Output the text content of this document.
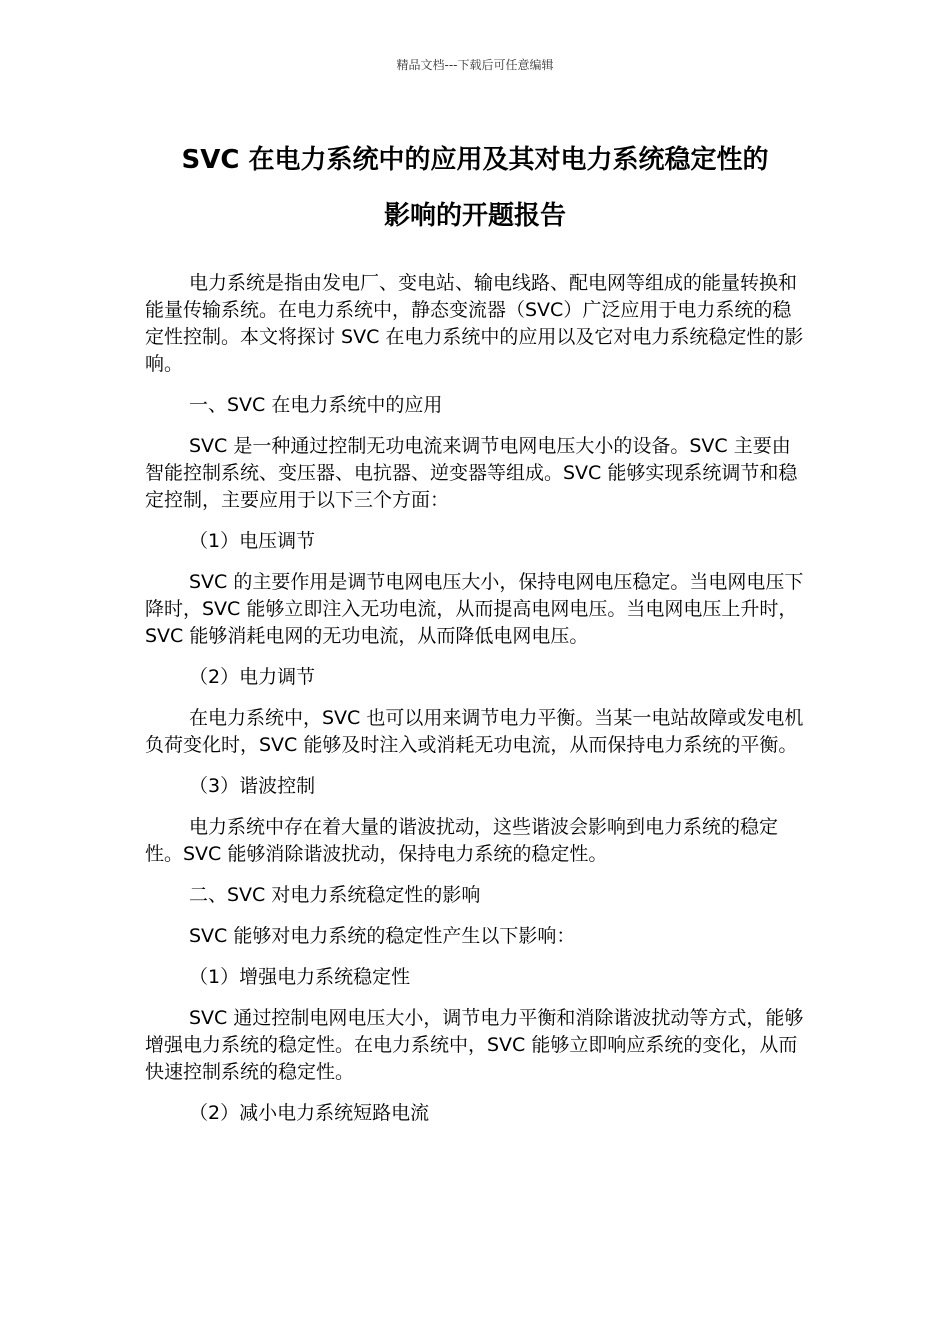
精品文档---下载后可任意编辑
SVC 在电力系统中的应用及其对电力系统稳定性的
影响的开题报告

电力系统是指由发电厂、变电站、输电线路、配电网等组成的能量转换和能量传输系统。在电力系统中，静态变流器（SVC）广泛应用于电力系统的稳定性控制。本文将探讨 SVC 在电力系统中的应用以及它对电力系统稳定性的影响。

一、SVC 在电力系统中的应用

SVC 是一种通过控制无功电流来调节电网电压大小的设备。SVC 主要由智能控制系统、变压器、电抗器、逆变器等组成。SVC 能够实现系统调节和稳定控制，主要应用于以下三个方面：

（1）电压调节

SVC 的主要作用是调节电网电压大小，保持电网电压稳定。当电网电压下降时，SVC 能够立即注入无功电流，从而提高电网电压。当电网电压上升时，SVC 能够消耗电网的无功电流，从而降低电网电压。

（2）电力调节

在电力系统中，SVC 也可以用来调节电力平衡。当某一电站故障或发电机负荷变化时，SVC 能够及时注入或消耗无功电流，从而保持电力系统的平衡。

（3）谐波控制

电力系统中存在着大量的谐波扰动，这些谐波会影响到电力系统的稳定性。SVC 能够消除谐波扰动，保持电力系统的稳定性。

二、SVC 对电力系统稳定性的影响

SVC 能够对电力系统的稳定性产生以下影响：

（1）增强电力系统稳定性

SVC 通过控制电网电压大小，调节电力平衡和消除谐波扰动等方式，能够增强电力系统的稳定性。在电力系统中，SVC 能够立即响应系统的变化，从而快速控制系统的稳定性。

（2）减小电力系统短路电流
